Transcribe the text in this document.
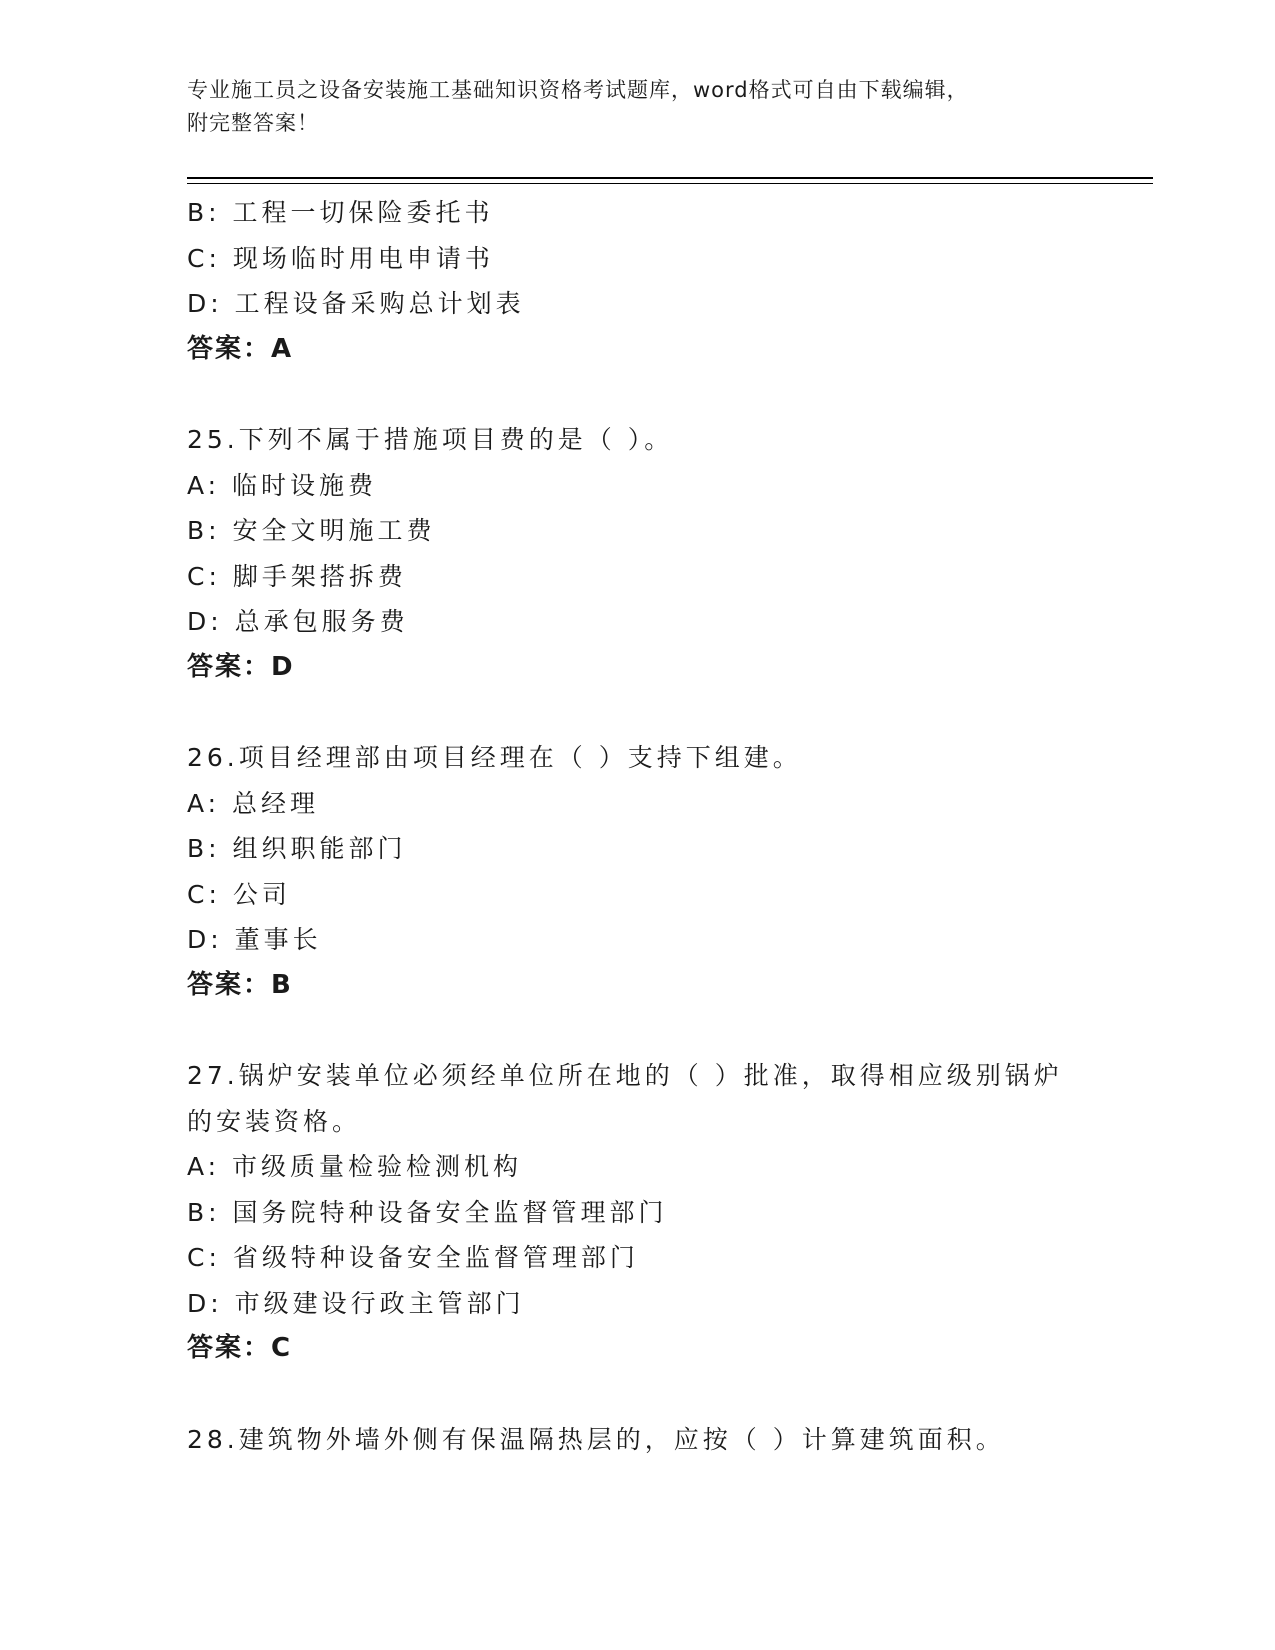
专业施工员之设备安装施工基础知识资格考试题库，word格式可自由下载编辑，
附完整答案！
B: 工程一切保险委托书
C: 现场临时用电申请书
D: 工程设备采购总计划表
答案：A
25.下列不属于措施项目费的是（ ）。
A: 临时设施费
B: 安全文明施工费
C: 脚手架搭拆费
D: 总承包服务费
答案：D
26.项目经理部由项目经理在（ ）支持下组建。
A: 总经理
B: 组织职能部门
C: 公司
D: 董事长
答案：B
27.锅炉安装单位必须经单位所在地的（ ）批准，取得相应级别锅炉的安装资格。
A: 市级质量检验检测机构
B: 国务院特种设备安全监督管理部门
C: 省级特种设备安全监督管理部门
D: 市级建设行政主管部门
答案：C
28.建筑物外墙外侧有保温隔热层的，应按（ ）计算建筑面积。
